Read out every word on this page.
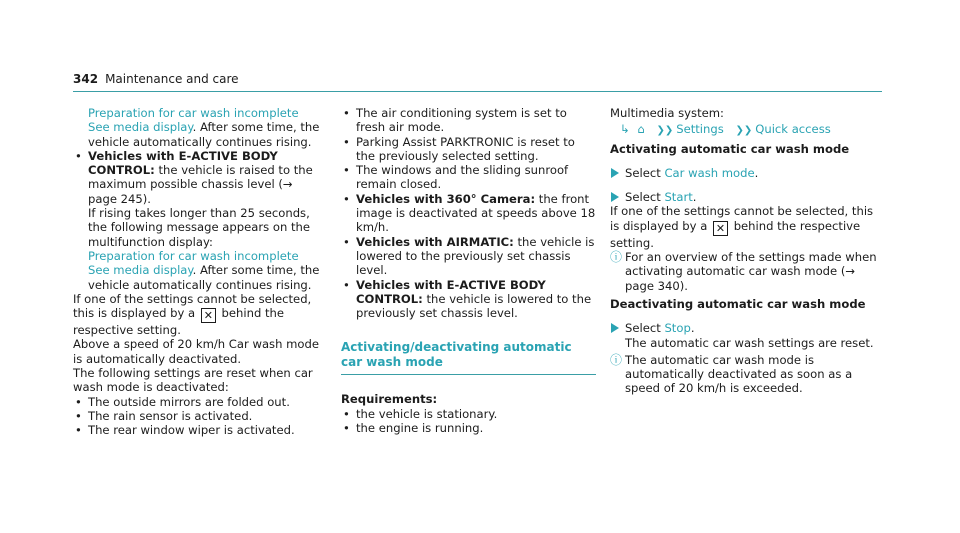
342 Maintenance and care

Preparation for car wash incomplete See media display. After some time, the vehicle automatically continues rising.

• Vehicles with E-ACTIVE BODY CONTROL: the vehicle is raised to the maximum possible chassis level (→ page 245).

If rising takes longer than 25 seconds, the following message appears on the multifunction display:

Preparation for car wash incomplete See media display. After some time, the vehicle automatically continues rising.

If one of the settings cannot be selected, this is displayed by a ✕ behind the respective setting.

Above a speed of 20 km/h Car wash mode is automatically deactivated.

The following settings are reset when car wash mode is deactivated:

• The outside mirrors are folded out.

• The rain sensor is activated.

• The rear window wiper is activated.

• The air conditioning system is set to fresh air mode.

• Parking Assist PARKTRONIC is reset to the previously selected setting.

• The windows and the sliding sunroof remain closed.

• Vehicles with 360° Camera: the front image is deactivated at speeds above 18 km/h.

• Vehicles with AIRMATIC: the vehicle is lowered to the previously set chassis level.

• Vehicles with E-ACTIVE BODY CONTROL: the vehicle is lowered to the previously set chassis level.

Activating/deactivating automatic car wash mode

Requirements:

• the vehicle is stationary.

• the engine is running.

Multimedia system:

↳ ⌂ ❯❯ Settings ❯❯ Quick access

Activating automatic car wash mode

Select Car wash mode.

Select Start.

If one of the settings cannot be selected, this is displayed by a ✕ behind the respective setting.

ⓘ For an overview of the settings made when activating automatic car wash mode (→ page 340).

Deactivating automatic car wash mode

Select Stop.

The automatic car wash settings are reset.

ⓘ The automatic car wash mode is automatically deactivated as soon as a speed of 20 km/h is exceeded.
